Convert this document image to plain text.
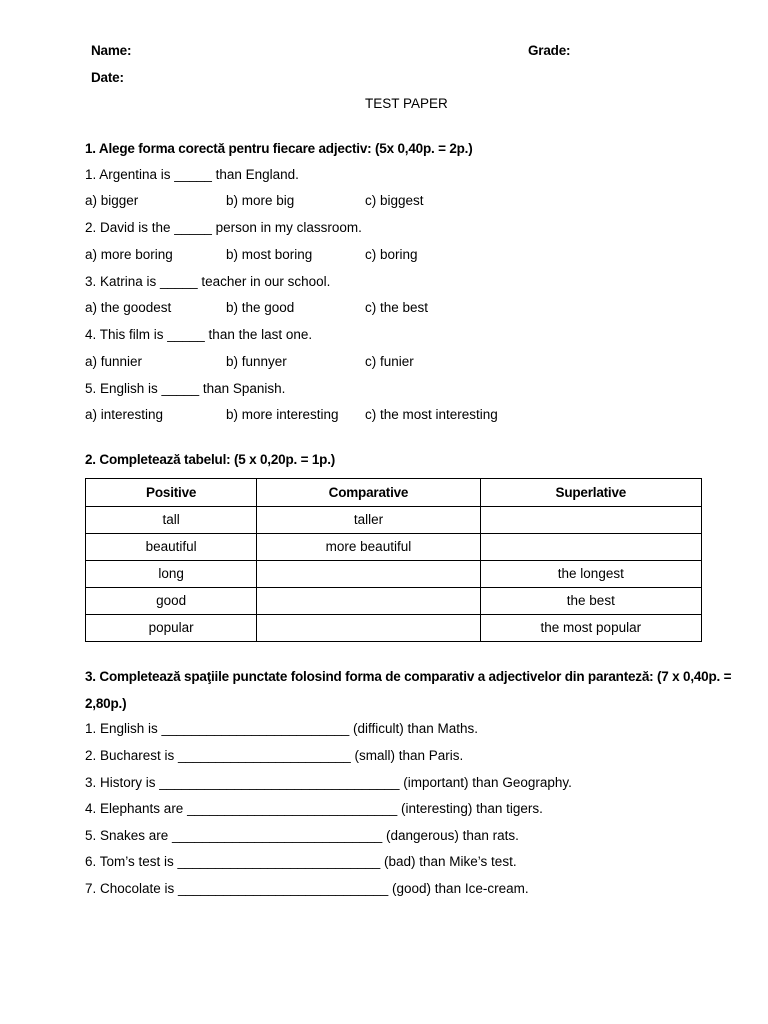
Name:	Grade:
Date:
TEST PAPER
1. Alege forma corectă pentru fiecare adjectiv: (5x 0,40p. = 2p.)
1. Argentina is _____ than England.
a) bigger	b) more big	c) biggest
2. David is the _____ person in my classroom.
a) more boring	b) most boring	c) boring
3. Katrina is _____ teacher in our school.
a) the goodest	b) the good	c) the best
4. This film is _____ than the last one.
a) funnier	b) funnyer	c) funier
5. English is _____ than Spanish.
a) interesting	b) more interesting c) the most interesting
2. Completează tabelul: (5 x 0,20p. = 1p.)
Positive	Comparative	Superlative
tall	taller	
beautiful	more beautiful	
long		the longest
good		the best
popular		the most popular
3. Completează spaţiile punctate folosind forma de comparativ a adjectivelor din paranteză: (7 x 0,40p. =
2,80p.)
1. English is _________________________ (difficult) than Maths.
2. Bucharest is _______________________ (small) than Paris.
3. History is ________________________________ (important) than Geography.
4. Elephants are ____________________________ (interesting) than tigers.
5. Snakes are ____________________________ (dangerous) than rats.
6. Tom’s test is ___________________________ (bad) than Mike’s test.
7. Chocolate is ____________________________ (good) than Ice-cream.
